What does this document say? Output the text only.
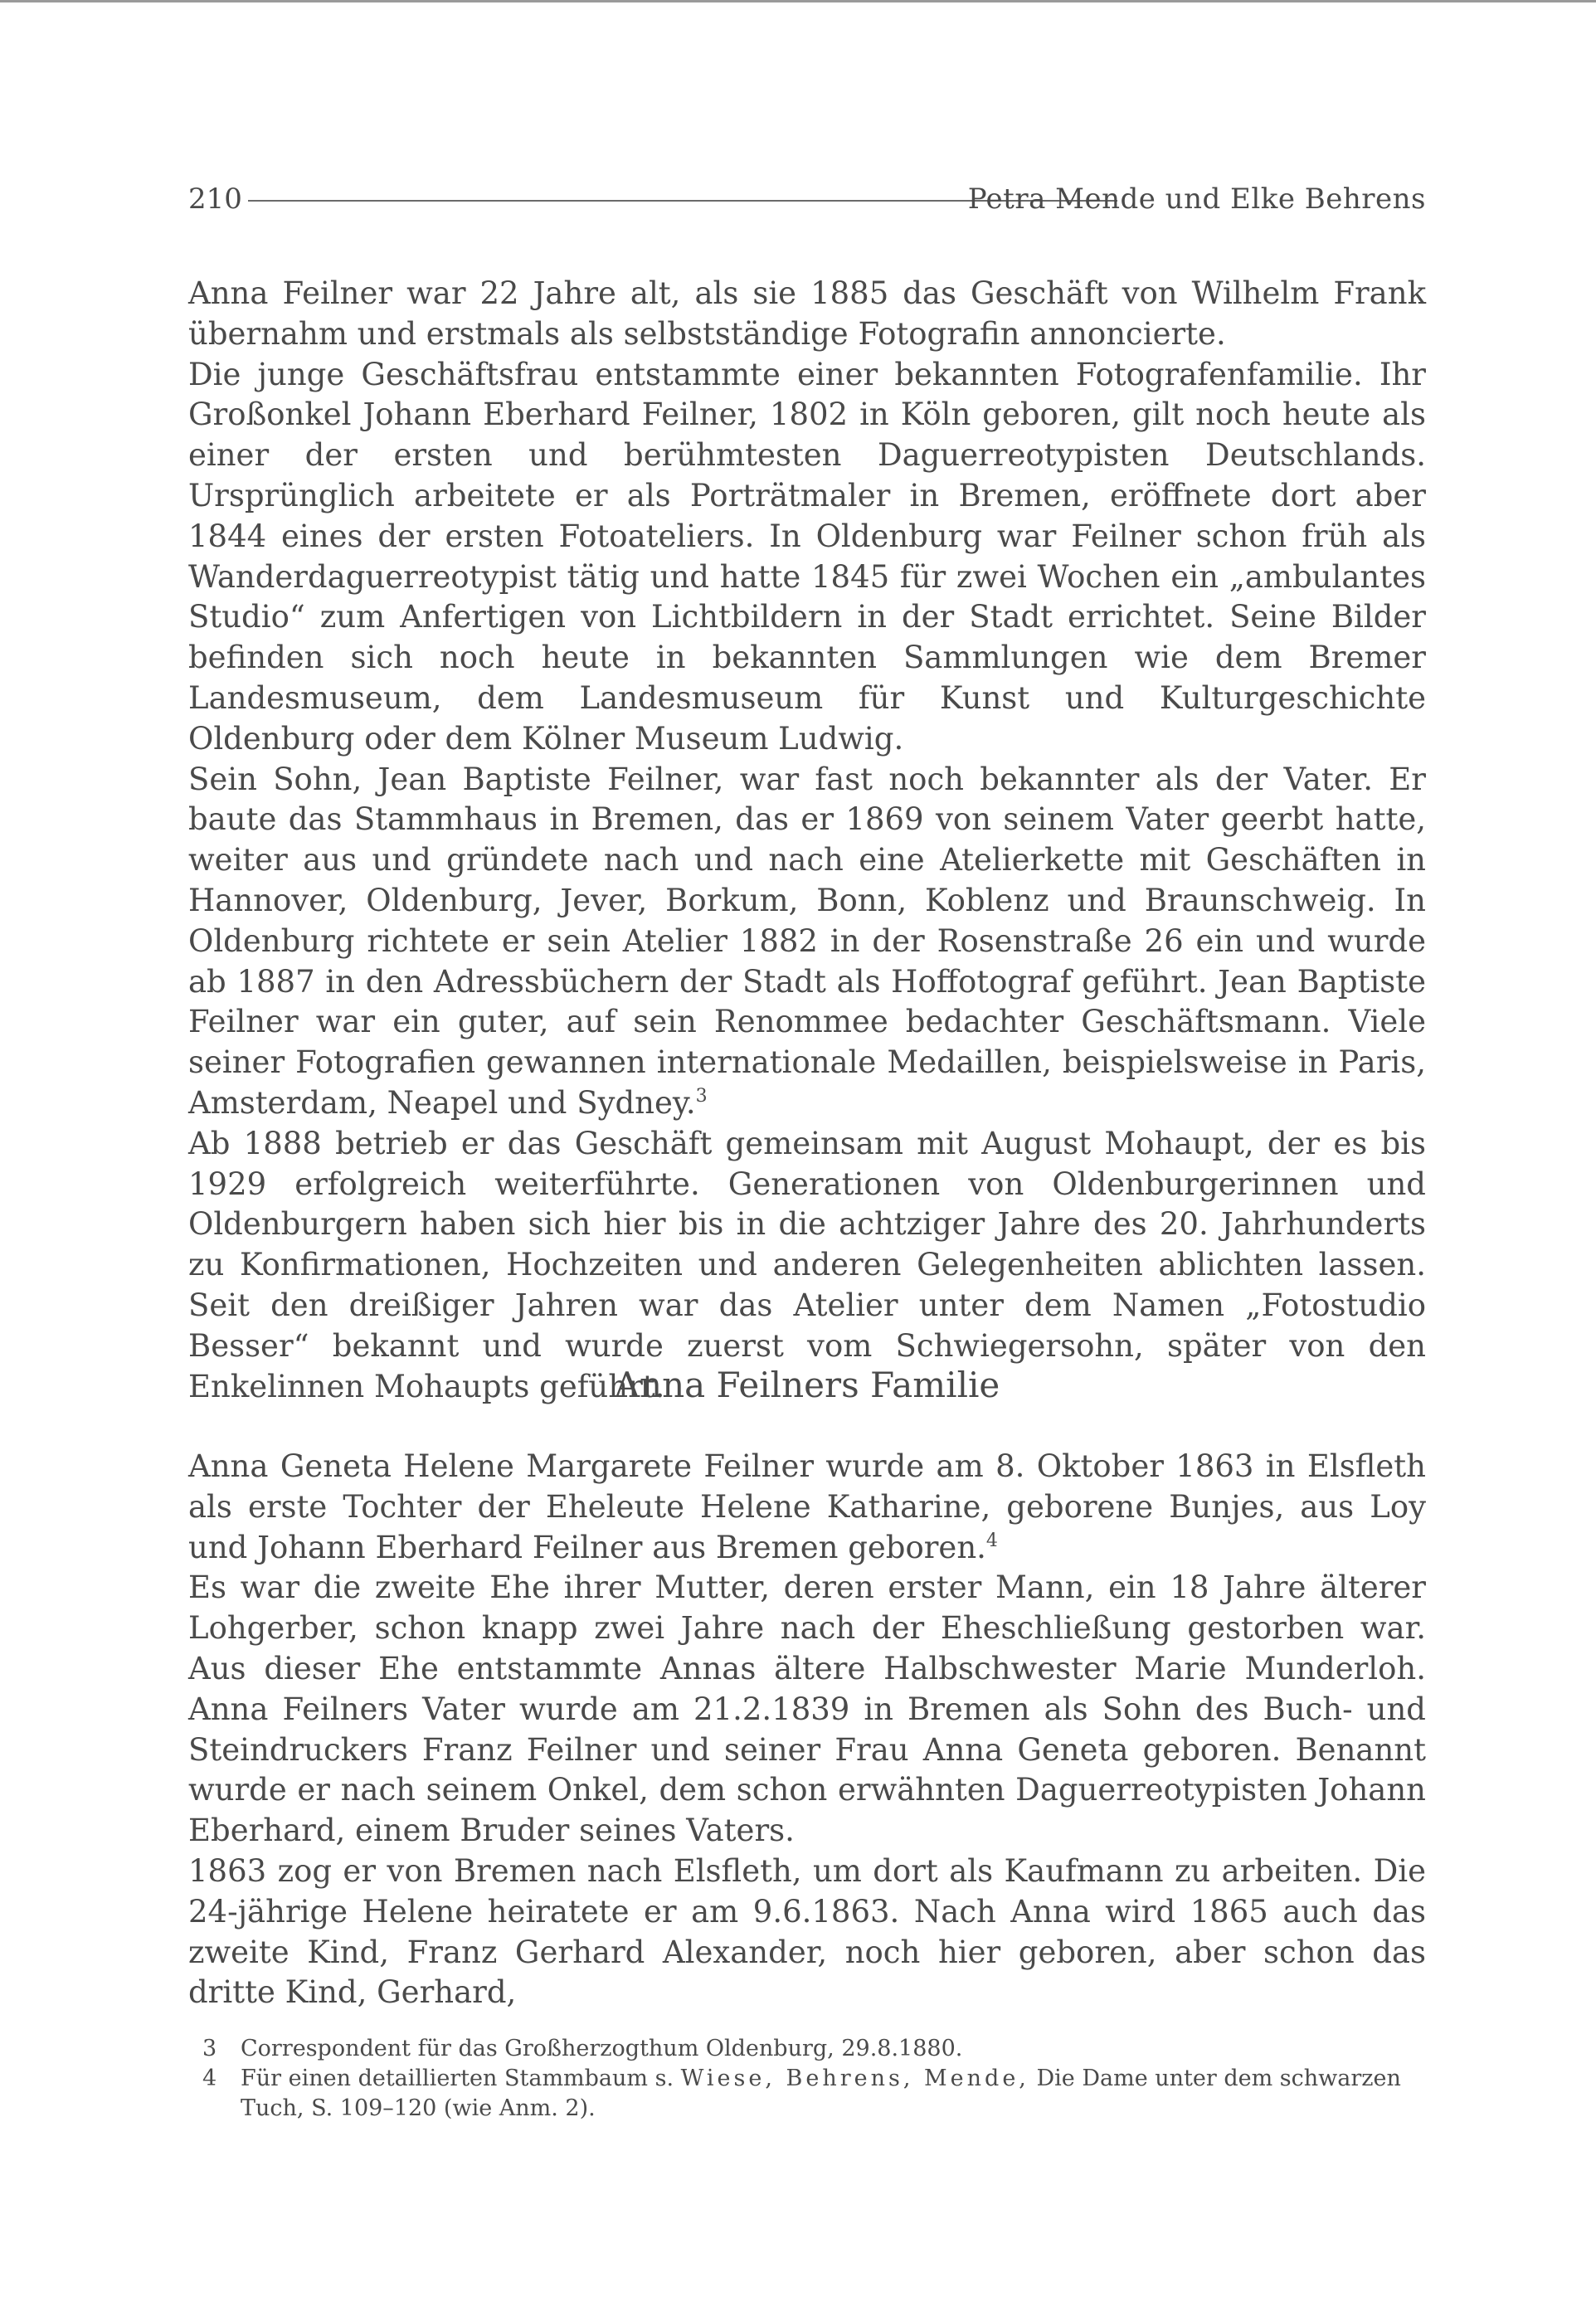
210	Petra Mende und Elke Behrens

Anna Feilner war 22 Jahre alt, als sie 1885 das Geschäft von Wilhelm Frank übernahm und erstmals als selbstständige Fotografin annoncierte.

Die junge Geschäftsfrau entstammte einer bekannten Fotografenfamilie. Ihr Großonkel Johann Eberhard Feilner, 1802 in Köln geboren, gilt noch heute als einer der ersten und berühmtesten Daguerreotypisten Deutschlands. Ursprünglich arbeitete er als Porträtmaler in Bremen, eröffnete dort aber 1844 eines der ersten Fotoateliers. In Oldenburg war Feilner schon früh als Wanderdaguerreotypist tätig und hatte 1845 für zwei Wochen ein „ambulantes Studio“ zum Anfertigen von Lichtbildern in der Stadt errichtet. Seine Bilder befinden sich noch heute in bekannten Sammlungen wie dem Bremer Landesmuseum, dem Landesmuseum für Kunst und Kulturgeschichte Oldenburg oder dem Kölner Museum Ludwig.

Sein Sohn, Jean Baptiste Feilner, war fast noch bekannter als der Vater. Er baute das Stammhaus in Bremen, das er 1869 von seinem Vater geerbt hatte, weiter aus und gründete nach und nach eine Atelierkette mit Geschäften in Hannover, Oldenburg, Jever, Borkum, Bonn, Koblenz und Braunschweig. In Oldenburg richtete er sein Atelier 1882 in der Rosenstraße 26 ein und wurde ab 1887 in den Adressbüchern der Stadt als Hoffotograf geführt. Jean Baptiste Feilner war ein guter, auf sein Renommee bedachter Geschäftsmann. Viele seiner Fotografien gewannen internationale Medaillen, beispielsweise in Paris, Amsterdam, Neapel und Sydney.$^3$

Ab 1888 betrieb er das Geschäft gemeinsam mit August Mohaupt, der es bis 1929 erfolgreich weiterführte. Generationen von Oldenburgerinnen und Oldenburgern haben sich hier bis in die achtziger Jahre des 20. Jahrhunderts zu Konfirmationen, Hochzeiten und anderen Gelegenheiten ablichten lassen. Seit den dreißiger Jahren war das Atelier unter dem Namen „Fotostudio Besser“ bekannt und wurde zuerst vom Schwiegersohn, später von den Enkelinnen Mohaupts geführt.

Anna Feilners Familie

Anna Geneta Helene Margarete Feilner wurde am 8. Oktober 1863 in Elsfleth als erste Tochter der Eheleute Helene Katharine, geborene Bunjes, aus Loy und Johann Eberhard Feilner aus Bremen geboren.$^4$

Es war die zweite Ehe ihrer Mutter, deren erster Mann, ein 18 Jahre älterer Lohgerber, schon knapp zwei Jahre nach der Eheschließung gestorben war. Aus dieser Ehe entstammte Annas ältere Halbschwester Marie Munderloh. Anna Feilners Vater wurde am 21.2.1839 in Bremen als Sohn des Buch- und Steindruckers Franz Feilner und seiner Frau Anna Geneta geboren. Benannt wurde er nach seinem Onkel, dem schon erwähnten Daguerreotypisten Johann Eberhard, einem Bruder seines Vaters.

1863 zog er von Bremen nach Elsfleth, um dort als Kaufmann zu arbeiten. Die 24-jährige Helene heiratete er am 9.6.1863. Nach Anna wird 1865 auch das zweite Kind, Franz Gerhard Alexander, noch hier geboren, aber schon das dritte Kind, Gerhard,

3 Correspondent für das Großherzogthum Oldenburg, 29.8.1880.
4 Für einen detaillierten Stammbaum s. Wiese, Behrens, Mende, Die Dame unter dem schwarzen Tuch, S. 109–120 (wie Anm. 2).
